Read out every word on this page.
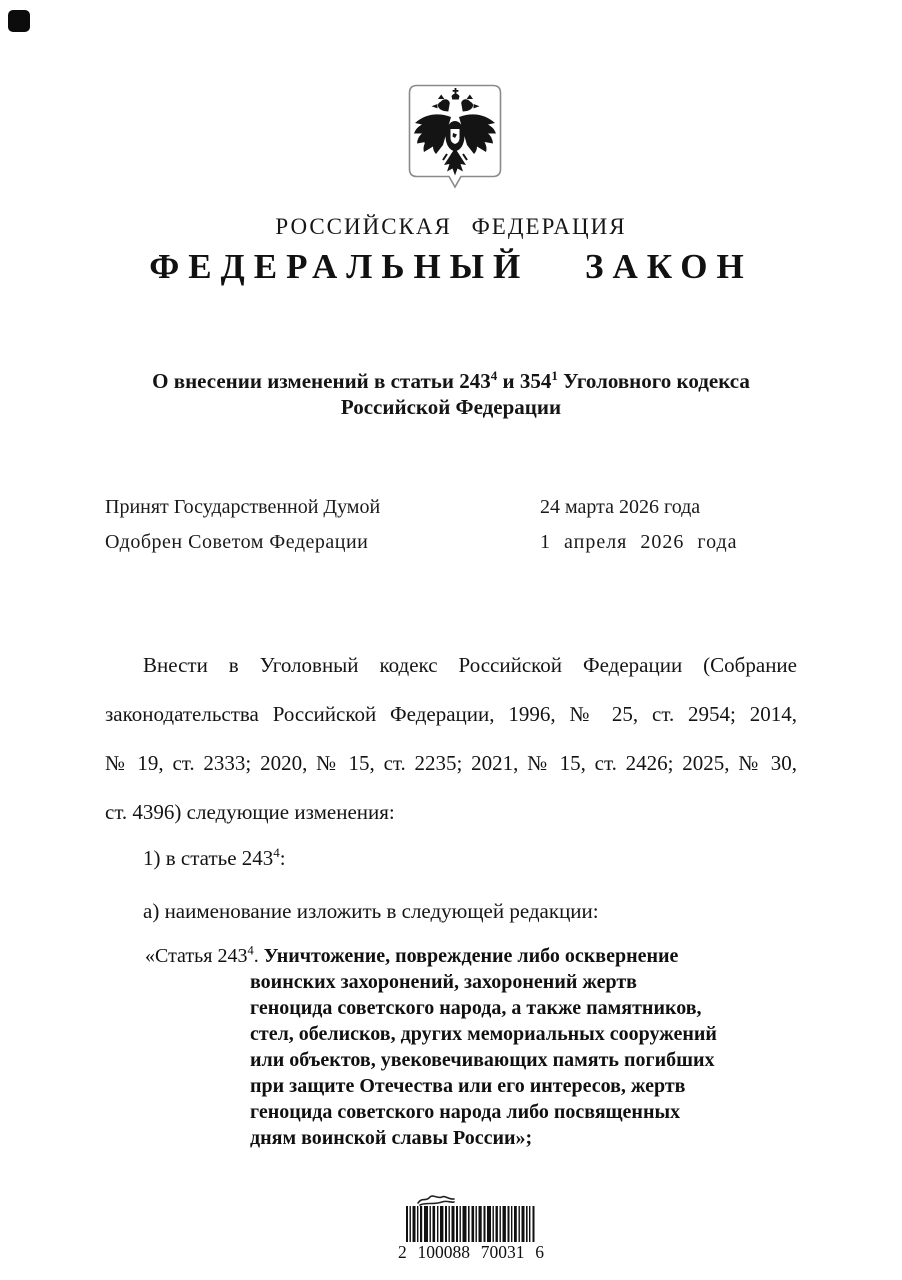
РОССИЙСКАЯ ФЕДЕРАЦИЯ
ФЕДЕРАЛЬНЫЙ ЗАКОН
О внесении изменений в статьи $243^4$ и $354^1$ Уголовного кодекса
Российской Федерации
Принят Государственной Думой	24 марта 2026 года
Одобрен Советом Федерации	1 апреля 2026 года
Внести в Уголовный кодекс Российской Федерации (Собрание
законодательства Российской Федерации, 1996, № 25, ст. 2954; 2014,
№ 19, ст. 2333; 2020, № 15, ст. 2235; 2021, № 15, ст. 2426; 2025, № 30,
ст. 4396) следующие изменения:
1) в статье $243^4$:
а) наименование изложить в следующей редакции:
«Статья $243^4$. Уничтожение, повреждение либо осквернение
воинских захоронений, захоронений жертв
геноцида советского народа, а также памятников,
стел, обелисков, других мемориальных сооружений
или объектов, увековечивающих память погибших
при защите Отечества или его интересов, жертв
геноцида советского народа либо посвященных
дням воинской славы России»;
2 100088 70031 6
